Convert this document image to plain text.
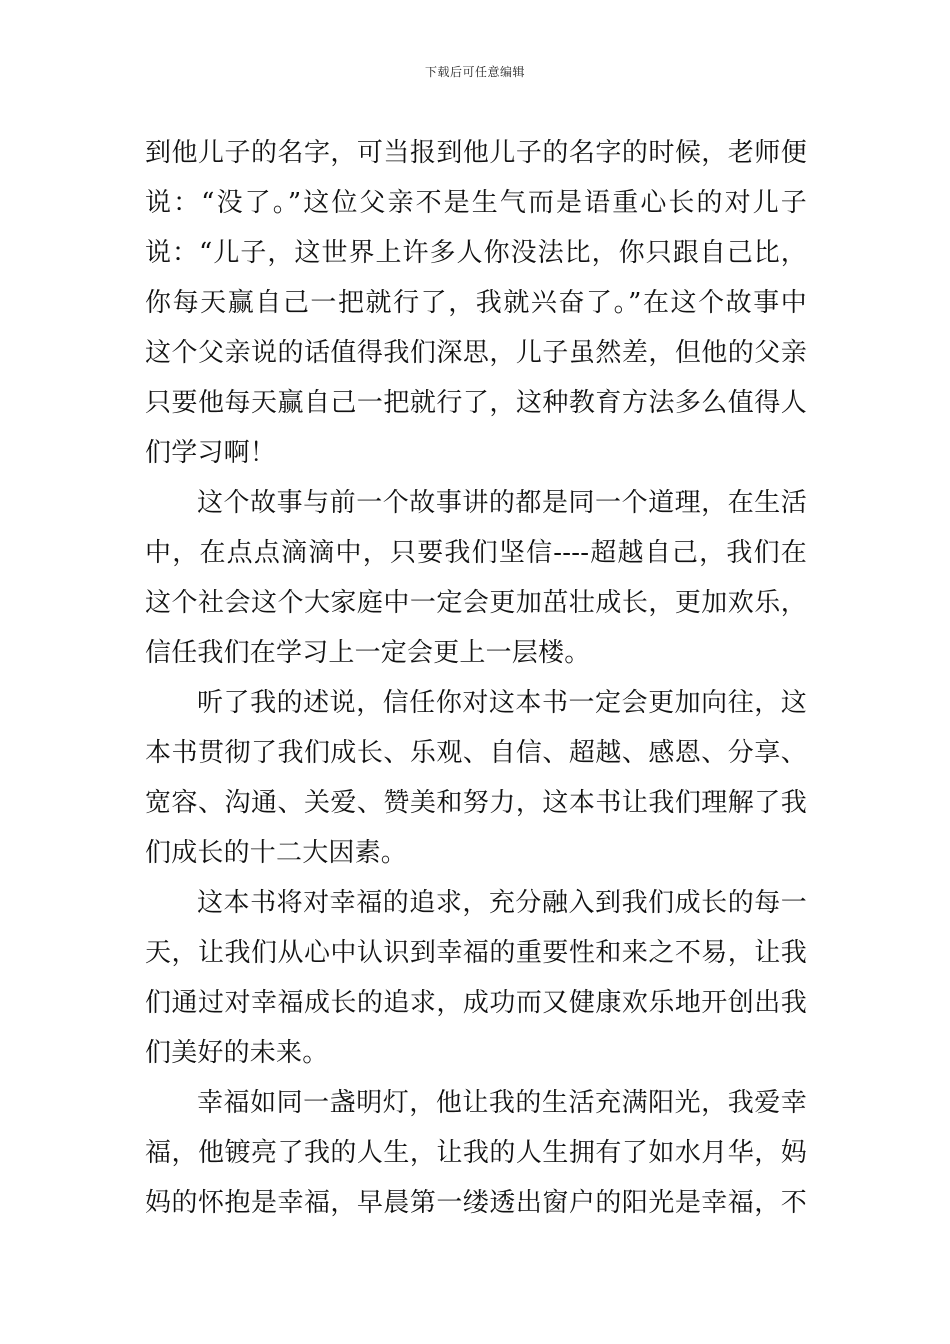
下载后可任意编辑
到他儿子的名字，可当报到他儿子的名字的时候，老师便
说：“没了。”这位父亲不是生气而是语重心长的对儿子
说：“儿子，这世界上许多人你没法比，你只跟自己比，
你每天赢自己一把就行了，我就兴奋了。”在这个故事中
这个父亲说的话值得我们深思，儿子虽然差，但他的父亲
只要他每天赢自己一把就行了，这种教育方法多么值得人
们学习啊！
这个故事与前一个故事讲的都是同一个道理，在生活
中，在点点滴滴中，只要我们坚信----超越自己，我们在
这个社会这个大家庭中一定会更加茁壮成长，更加欢乐，
信任我们在学习上一定会更上一层楼。
听了我的述说，信任你对这本书一定会更加向往，这
本书贯彻了我们成长、乐观、自信、超越、感恩、分享、
宽容、沟通、关爱、赞美和努力，这本书让我们理解了我
们成长的十二大因素。
这本书将对幸福的追求，充分融入到我们成长的每一
天，让我们从心中认识到幸福的重要性和来之不易，让我
们通过对幸福成长的追求，成功而又健康欢乐地开创出我
们美好的未来。
幸福如同一盏明灯，他让我的生活充满阳光，我爱幸
福，他镀亮了我的人生，让我的人生拥有了如水月华，妈
妈的怀抱是幸福，早晨第一缕透出窗户的阳光是幸福，不
